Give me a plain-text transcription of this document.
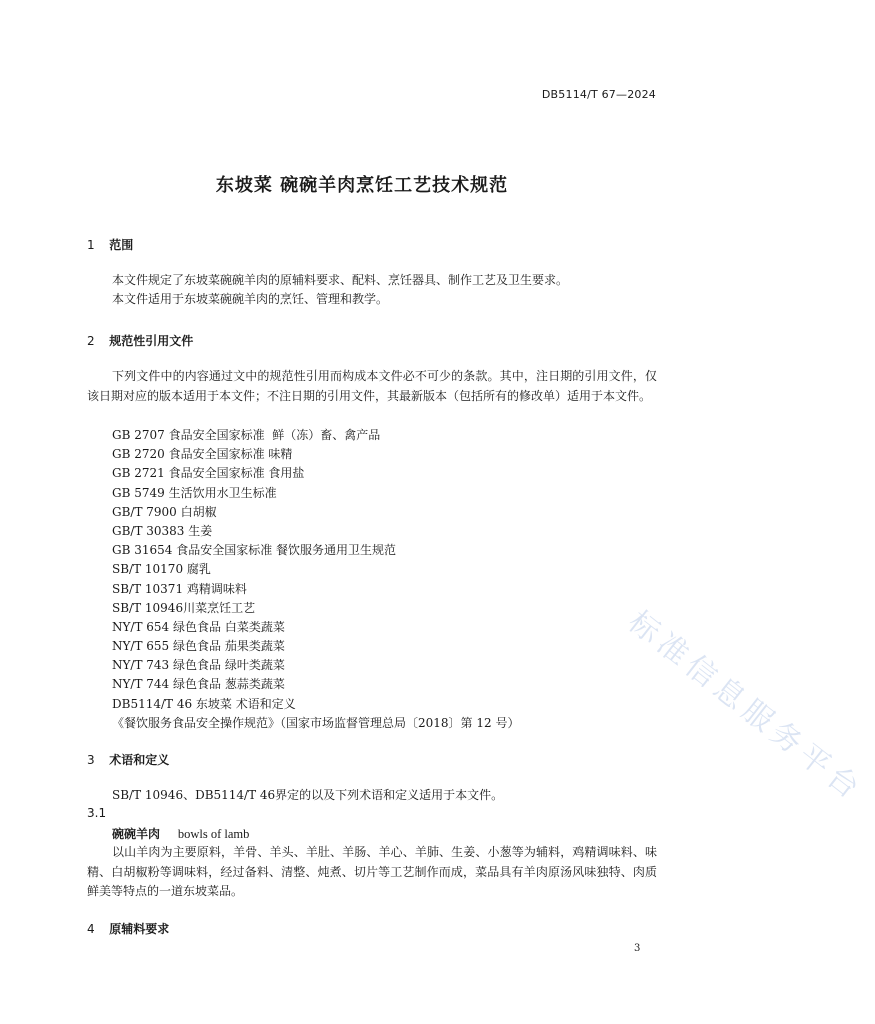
DB5114/T 67—2024
东坡菜 碗碗羊肉烹饪工艺技术规范
1 范围
本文件规定了东坡菜碗碗羊肉的原辅料要求、配料、烹饪器具、制作工艺及卫生要求。
本文件适用于东坡菜碗碗羊肉的烹饪、管理和教学。
2 规范性引用文件
下列文件中的内容通过文中的规范性引用而构成本文件必不可少的条款。其中，注日期的引用文件，仅该日期对应的版本适用于本文件；不注日期的引用文件，其最新版本（包括所有的修改单）适用于本文件。
GB 2707 食品安全国家标准  鲜（冻）畜、禽产品
GB 2720 食品安全国家标准 味精
GB 2721 食品安全国家标准 食用盐
GB 5749 生活饮用水卫生标准
GB/T 7900 白胡椒
GB/T 30383 生姜
GB 31654 食品安全国家标准 餐饮服务通用卫生规范
SB/T 10170 腐乳
SB/T 10371 鸡精调味料
SB/T 10946川菜烹饪工艺
NY/T 654 绿色食品 白菜类蔬菜
NY/T 655 绿色食品 茄果类蔬菜
NY/T 743 绿色食品 绿叶类蔬菜
NY/T 744 绿色食品 葱蒜类蔬菜
DB5114/T 46 东坡菜 术语和定义
《餐饮服务食品安全操作规范》（国家市场监督管理总局〔2018〕第 12 号）
3 术语和定义
SB/T 10946、DB5114/T 46界定的以及下列术语和定义适用于本文件。
3.1
碗碗羊肉 bowls of lamb
以山羊肉为主要原料，羊骨、羊头、羊肚、羊肠、羊心、羊肺、生姜、小葱等为辅料，鸡精调味料、味精、白胡椒粉等调味料，经过备料、清整、炖煮、切片等工艺制作而成，菜品具有羊肉原汤风味独特、肉质鲜美等特点的一道东坡菜品。
4 原辅料要求
3
标准信息服务平台
